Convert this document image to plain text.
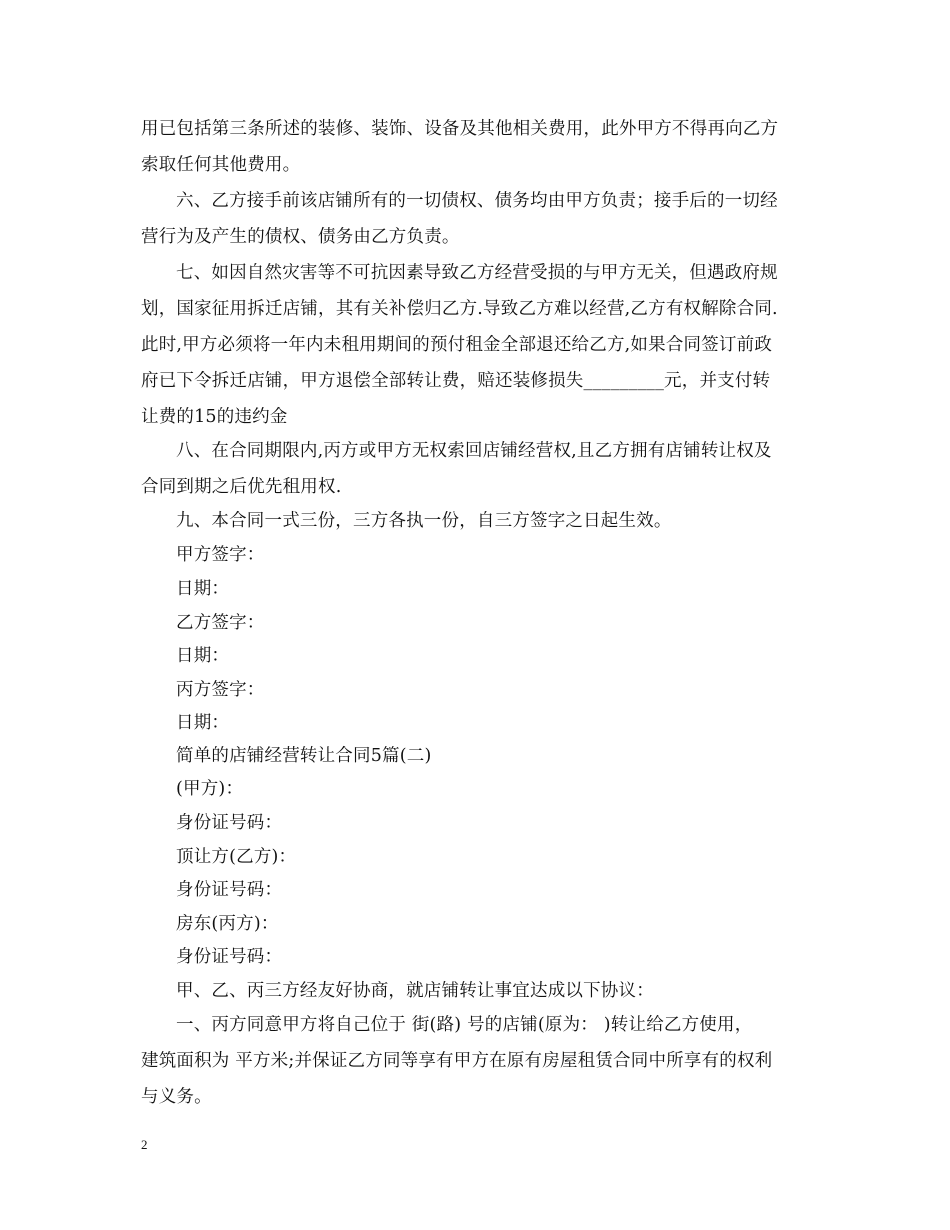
用已包括第三条所述的装修、装饰、设备及其他相关费用，此外甲方不得再向乙方
索取任何其他费用。
六、乙方接手前该店铺所有的一切债权、债务均由甲方负责；接手后的一切经
营行为及产生的债权、债务由乙方负责。
七、如因自然灾害等不可抗因素导致乙方经营受损的与甲方无关，但遇政府规
划，国家征用拆迁店铺，其有关补偿归乙方.导致乙方难以经营,乙方有权解除合同.
此时,甲方必须将一年内未租用期间的预付租金全部退还给乙方,如果合同签订前政
府已下令拆迁店铺，甲方退偿全部转让费，赔还装修损失_________元，并支付转
让费的15的违约金
八、在合同期限内,丙方或甲方无权索回店铺经营权,且乙方拥有店铺转让权及
合同到期之后优先租用权.
九、本合同一式三份，三方各执一份，自三方签字之日起生效。
甲方签字：
日期：
乙方签字：
日期：
丙方签字：
日期：
简单的店铺经营转让合同5篇(二)
(甲方)：
身份证号码：
顶让方(乙方)：
身份证号码：
房东(丙方)：
身份证号码：
甲、乙、丙三方经友好协商，就店铺转让事宜达成以下协议：
一、丙方同意甲方将自己位于 街(路) 号的店铺(原为： )转让给乙方使用，
建筑面积为 平方米;并保证乙方同等享有甲方在原有房屋租赁合同中所享有的权利
与义务。
2
